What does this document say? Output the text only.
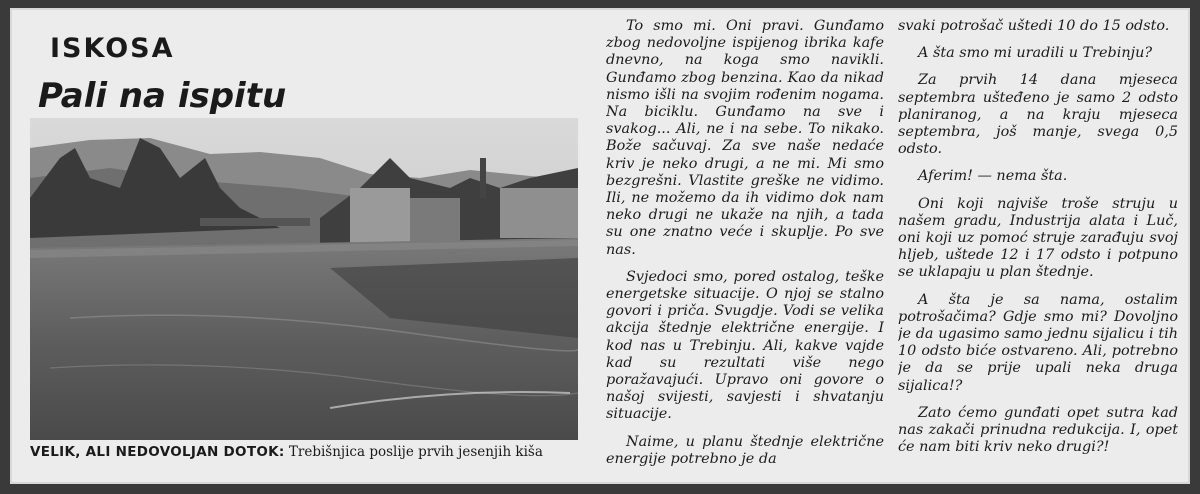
ISKOSA
Pali na ispitu
VELIK, ALI NEDOVOLJAN DOTOK: Trebišnjica poslije prvih jesenjih kiša

To smo mi. Oni pravi. Gunđamo zbog nedovoljne ispijenog ibrika kafe dnevno, na koga smo navikli. Gunđamo zbog benzina. Kao da nikad nismo išli na svojim rođenim nogama. Na biciklu. Gunđamo na sve i svakog... Ali, ne i na sebe. To nikako. Bože sačuvaj. Za sve naše nedaće kriv je neko drugi, a ne mi. Mi smo bezgrešni. Vlastite greške ne vidimo. Ili, ne možemo da ih vidimo dok nam neko drugi ne ukaže na njih, a tada su one znatno veće i skuplje. Po sve nas.

Svjedoci smo, pored ostalog, teške energetske situacije. O njoj se stalno govori i priča. Svugdje. Vodi se velika akcija štednje električne energije. I kod nas u Trebinju. Ali, kakve vajde kad su rezultati više nego poražavajući. Upravo oni govore o našoj svijesti, savjesti i shvatanju situacije.

Naime, u planu štednje električne energije potrebno je da

svaki potrošač uštedi 10 do 15 odsto.

A šta smo mi uradili u Trebinju?

Za prvih 14 dana mjeseca septembra ušteđeno je samo 2 odsto planiranog, a na kraju mjeseca septembra, još manje, svega 0,5 odsto.

Aferim! — nema šta.

Oni koji najviše troše struju u našem gradu, Industrija alata i Luč, oni koji uz pomoć struje zarađuju svoj hljeb, uštede 12 i 17 odsto i potpuno se uklapaju u plan štednje.

A šta je sa nama, ostalim potrošačima? Gdje smo mi? Dovoljno je da ugasimo samo jednu sijalicu i tih 10 odsto biće ostvareno. Ali, potrebno je da se prije upali neka druga sijalica!?

Zato ćemo gunđati opet sutra kad nas zakači prinudna redukcija. I, opet će nam biti kriv neko drugi?!
